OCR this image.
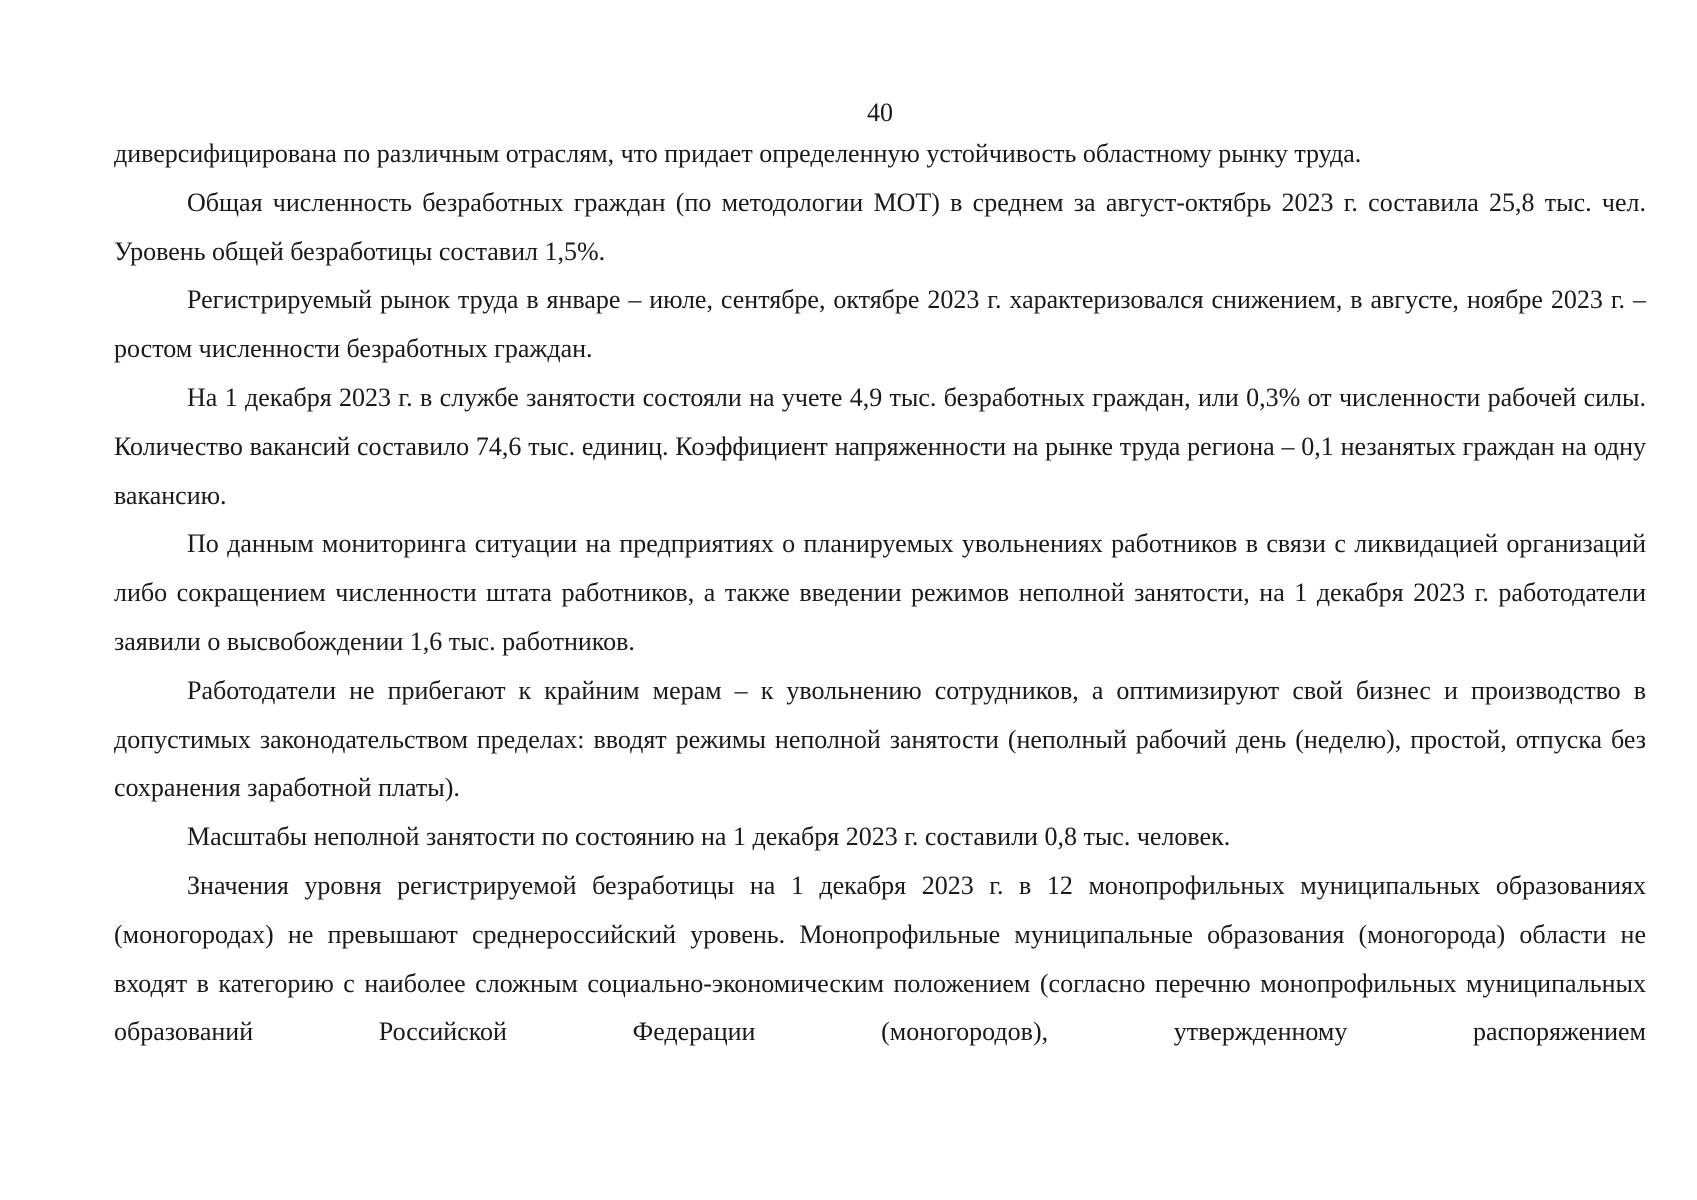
40

диверсифицирована по различным отраслям, что придает определенную устойчивость областному рынку труда.

Общая численность безработных граждан (по методологии МОТ) в среднем за август-октябрь 2023 г. составила 25,8 тыс. чел. Уровень общей безработицы составил 1,5%.

Регистрируемый рынок труда в январе – июле, сентябре, октябре 2023 г. характеризовался снижением, в августе, ноябре 2023 г. – ростом численности безработных граждан.

На 1 декабря 2023 г. в службе занятости состояли на учете 4,9 тыс. безработных граждан, или 0,3% от численности рабочей силы. Количество вакансий составило 74,6 тыс. единиц. Коэффициент напряженности на рынке труда региона – 0,1 незанятых граждан на одну вакансию.

По данным мониторинга ситуации на предприятиях о планируемых увольнениях работников в связи с ликвидацией организаций либо сокращением численности штата работников, а также введении режимов неполной занятости, на 1 декабря 2023 г. работодатели заявили о высвобождении 1,6 тыс. работников.

Работодатели не прибегают к крайним мерам – к увольнению сотрудников, а оптимизируют свой бизнес и производство в допустимых законодательством пределах: вводят режимы неполной занятости (неполный рабочий день (неделю), простой, отпуска без сохранения заработной платы).

Масштабы неполной занятости по состоянию на 1 декабря 2023 г. составили 0,8 тыс. человек.

Значения уровня регистрируемой безработицы на 1 декабря 2023 г. в 12 монопрофильных муниципальных образованиях (моногородах) не превышают среднероссийский уровень. Монопрофильные муниципальные образования (моногорода) области не входят в категорию с наиболее сложным социально-экономическим положением (согласно перечню монопрофильных муниципальных образований Российской Федерации (моногородов), утвержденному распоряжением
